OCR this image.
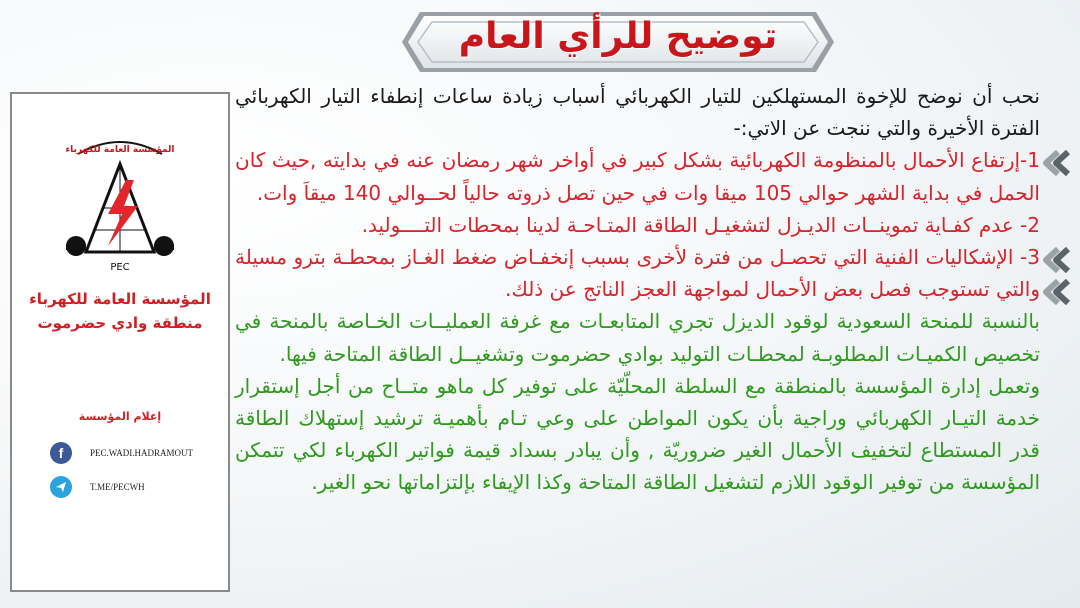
توضيح للرأي العام
المؤسسة العامة للكهرباء
PEC
المؤسسة العامة للكهرباء
منطقة وادي حضرموت
إعلام المؤسسة
f	PEC.WADI.HADRAMOUT
T.ME/PECWH

نحب أن نوضح للإخوة المستهلكين للتيار الكهربائي أسباب زيادة ساعات إنطفاء التيار الكهربائي الفترة الأخيرة والتي ننجت عن الاتي:-

1-إرتفاع الأحمال بالمنظومة الكهربائية بشكل كبير في أواخر شهر رمضان عنه في بدايته ,حيث كان الحمل في بداية الشهر حوالي 105 ميقا وات في حين تصل ذروته حالياً لحــوالي 140 ميقاَ وات.

2- عدم كفـاية تموينــات الديـزل لتشغيـل الطاقة المتـاحـة لدينا بمحطات التــــوليد.

3- الإشكاليات الفنية التي تحصـل من فترة لأخرى بسبب إنخفـاض ضغط الغـاز بمحطـة بترو مسيلة والتي تستوجب فصل بعض الأحمال لمواجهة العجز الناتج عن ذلك.

بالنسبة للمنحة السعودية لوقود الديزل تجري المتابعـات مع غرفة العمليــات الخـاصة بالمنحة في تخصيص الكميـات المطلوبـة لمحطـات التوليد بوادي حضرموت وتشغيــل الطاقة المتاحة فيها.

وتعمل إدارة المؤسسة بالمنطقة مع السلطة المحلّيّة على توفير كل ماهو متــاح من أجل إستقرار خدمة التيـار الكهربائي وراجية بأن يكون المواطن على وعي تـام بأهميـة ترشيد إستهلاك الطاقة قدر المستطاع لتخفيف الأحمال الغير ضروريّة , وأن يبادر بسداد قيمة فواتير الكهرباء لكي تتمكن المؤسسة من توفير الوقود اللازم لتشغيل الطاقة المتاحة وكذا الإيفاء بإلتزاماتها نحو الغير.
